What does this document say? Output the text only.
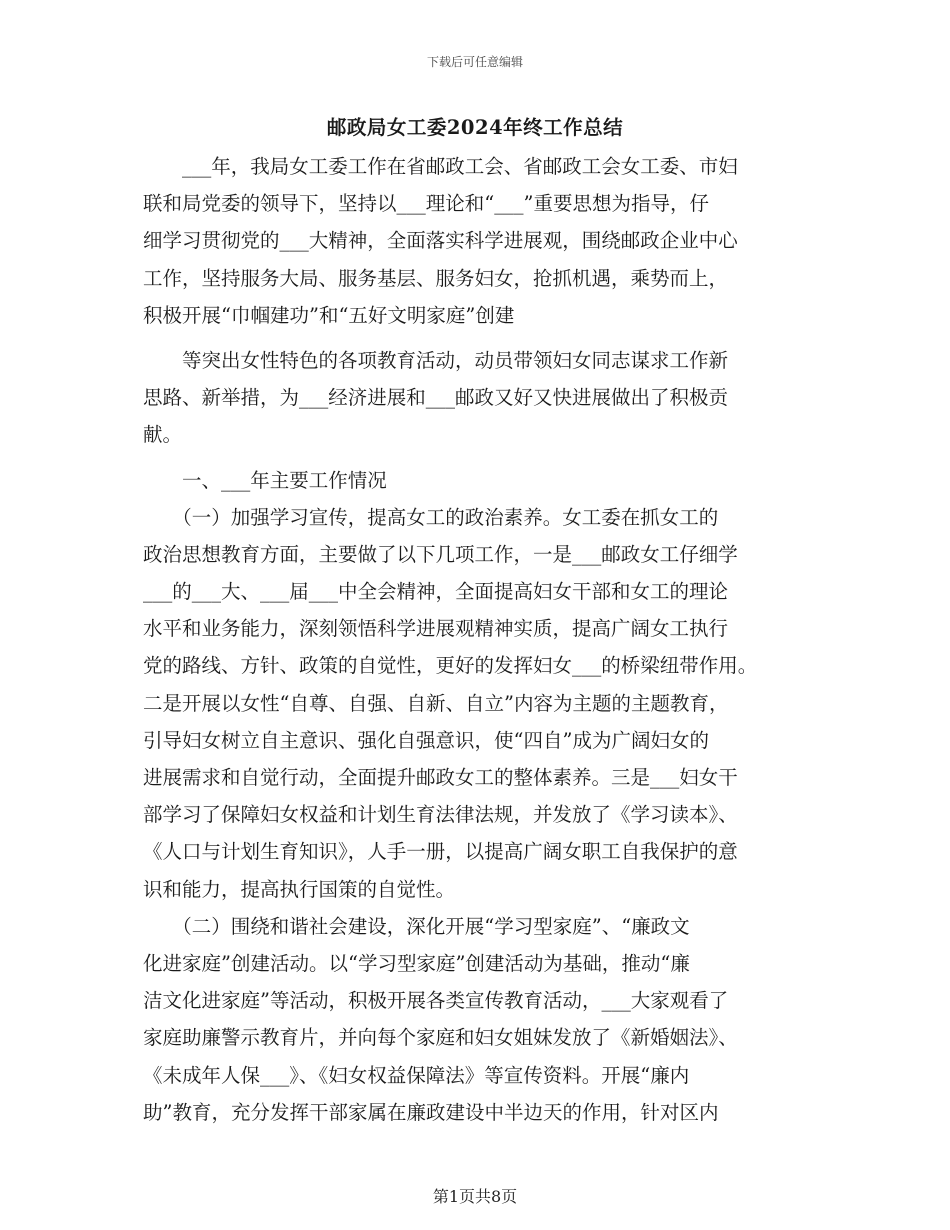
下载后可任意编辑
邮政局女工委2024年终工作总结
　　___年，我局女工委工作在省邮政工会、省邮政工会女工委、市妇
联和局党委的领导下，坚持以___理论和“___”重要思想为指导，仔
细学习贯彻党的___大精神，全面落实科学进展观，围绕邮政企业中心
工作，坚持服务大局、服务基层、服务妇女，抢抓机遇，乘势而上，
积极开展“巾帼建功”和“五好文明家庭”创建
　　等突出女性特色的各项教育活动，动员带领妇女同志谋求工作新
思路、新举措，为___经济进展和___邮政又好又快进展做出了积极贡
献。
　　一、___年主要工作情况
　　（一）加强学习宣传，提高女工的政治素养。女工委在抓女工的
政治思想教育方面，主要做了以下几项工作，一是___邮政女工仔细学
___的___大、___届___中全会精神，全面提高妇女干部和女工的理论
水平和业务能力，深刻领悟科学进展观精神实质，提高广阔女工执行
党的路线、方针、政策的自觉性，更好的发挥妇女___的桥梁纽带作用。
二是开展以女性“自尊、自强、自新、自立”内容为主题的主题教育，
引导妇女树立自主意识、强化自强意识，使“四自”成为广阔妇女的
进展需求和自觉行动，全面提升邮政女工的整体素养。三是___妇女干
部学习了保障妇女权益和计划生育法律法规，并发放了《学习读本》、
《人口与计划生育知识》，人手一册，以提高广阔女职工自我保护的意
识和能力，提高执行国策的自觉性。
　　（二）围绕和谐社会建设，深化开展“学习型家庭”、“廉政文
化进家庭”创建活动。以“学习型家庭”创建活动为基础，推动“廉
洁文化进家庭”等活动，积极开展各类宣传教育活动，___大家观看了
家庭助廉警示教育片，并向每个家庭和妇女姐妹发放了《新婚姻法》、
《未成年人保___》、《妇女权益保障法》等宣传资料。开展“廉内
助”教育，充分发挥干部家属在廉政建设中半边天的作用，针对区内
第1页共8页
